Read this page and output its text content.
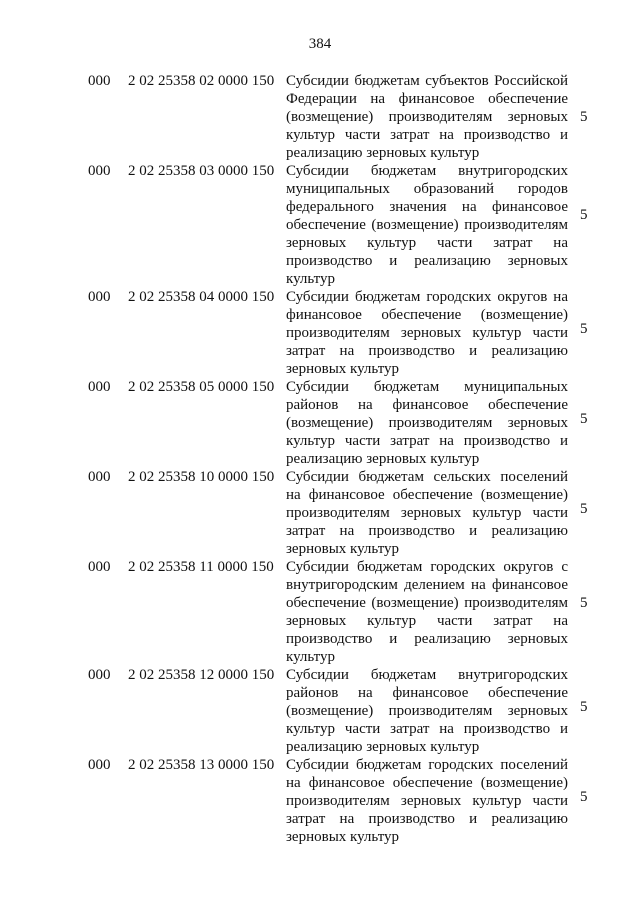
384
000 2 02 25358 02 0000 150 Субсидии бюджетам субъектов Российской Федерации на финансовое обеспечение (возмещение) производителям зерновых культур части затрат на производство и реализацию зерновых культур
5
000 2 02 25358 03 0000 150 Субсидии бюджетам внутригородских муниципальных образований городов федерального значения на финансовое обеспечение (возмещение) производителям зерновых культур части затрат на производство и реализацию зерновых культур
5
000 2 02 25358 04 0000 150 Субсидии бюджетам городских округов на финансовое обеспечение (возмещение) производителям зерновых культур части затрат на производство и реализацию зерновых культур
5
000 2 02 25358 05 0000 150 Субсидии бюджетам муниципальных районов на финансовое обеспечение (возмещение) производителям зерновых культур части затрат на производство и реализацию зерновых культур
5
000 2 02 25358 10 0000 150 Субсидии бюджетам сельских поселений на финансовое обеспечение (возмещение) производителям зерновых культур части затрат на производство и реализацию зерновых культур
5
000 2 02 25358 11 0000 150 Субсидии бюджетам городских округов с внутригородским делением на финансовое обеспечение (возмещение) производителям зерновых культур части затрат на производство и реализацию зерновых культур
5
000 2 02 25358 12 0000 150 Субсидии бюджетам внутригородских районов на финансовое обеспечение (возмещение) производителям зерновых культур части затрат на производство и реализацию зерновых культур
5
000 2 02 25358 13 0000 150 Субсидии бюджетам городских поселений на финансовое обеспечение (возмещение) производителям зерновых культур части затрат на производство и реализацию зерновых культур
5
